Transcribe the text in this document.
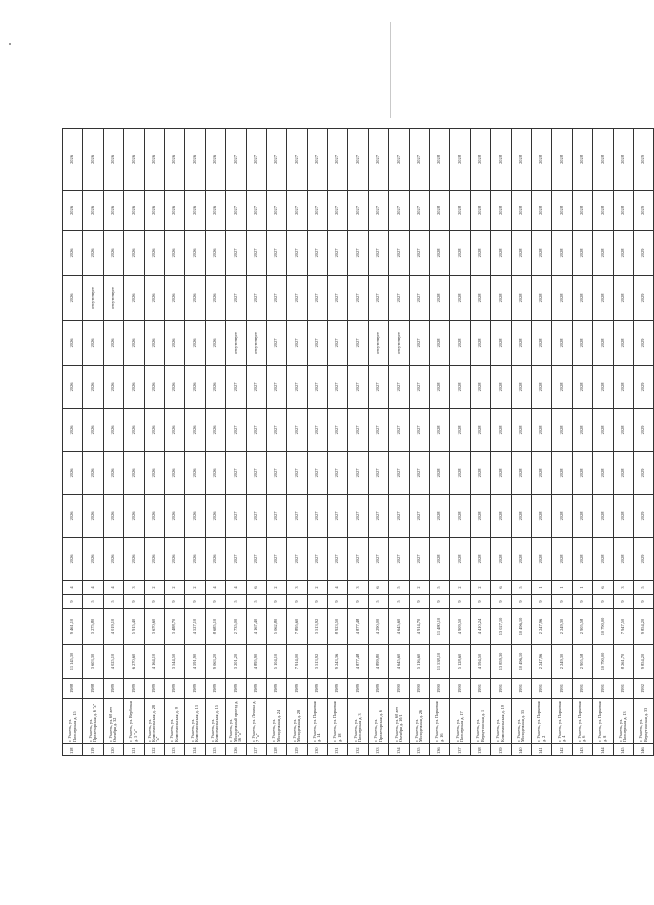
118	г. Ухнеть, ул. Пионерская д. 15	1988	11 145,30	9 461,10	9	4	2026	2026	2026	2026	2026	2026	2026	2026	2026	2026
119	г. Ухнеть, ул. Пролетарская д. 6 "а"	1988	3 603,30	3 275,80	5	4	2026	2026	2026	2026	2026	2026	отсутствует	2026	2026	2026
120	г. Ухнеть, ул. 60 лет Октября д. 32	1989	4 025,10	4 019,10	5	4	2026	2026	2026	2026	2026	2026	отсутствует	2026	2026	2026
121	г. Ухнеть, ул. Вербовая д. 5 "а"	1989	6 270,60	5 915,40	9	3	2026	2026	2026	2026	2026	2026	2026	2026	2026	2026
122	г. Ухнеть, ул. Комсомольская д. 28 "а"	1989	4 164,10	3 670,60	9	2	2026	2026	2026	2026	2026	2026	2026	2026	2026	2026
123	г. Ухнеть, ул. Комсомольская д. 9	1989	3 544,50	3 488,70	9	2	2026	2026	2026	2026	2026	2026	2026	2026	2026	2026
124	г. Ухнеть, ул. Комсомольская д. 13	1989	4 591,90	4 527,10	9	2	2026	2026	2026	2026	2026	2026	2026	2026	2026	2026
125	г. Ухнеть, ул. Комсомольская д. 15	1989	9 063,20	8 685,10	9	4	2026	2026	2026	2026	2026	2026	2026	2026	2026	2026
126	г. Ухнеть, ул. Молодежный проезд д. 16 "а"	1989	3 201,20	2 735,00	5	4	2027	2027	2027	2027	2027	отсутствует	2027	2027	2027	2027
127	г. Ухнеть, ул. Ленина д. 7 "а"	1989	4 895,90	4 167,40	5	6	2027	2027	2027	2027	2027	отсутствует	2027	2027	2027	2027
128	г. Ухнеть, ул. Молодежная д. 24	1989	5 104,10	5 062,80	9	2	2027	2027	2027	2027	2027	2027	2027	2027	2027	2027
129	г. Ухнеть, ул. Молодежная д. 28	1989	7 914,00	7 895,60	9	3	2027	2027	2027	2027	2027	2027	2027	2027	2027	2027
130	г. Ухнеть, ул. Парковая д. 14	1989	3 513,92	3 513,92	9	2	2027	2027	2027	2027	2027	2027	2027	2027	2027	2027
131	г. Ухнеть, ул. Парковая д. 18	1989	9 243,36	8 923,50	9	4	2027	2027	2027	2027	2027	2027	2027	2027	2027	2027
132	г. Ухнеть, ул. Пионерская д. 3	1989	4 877,48	4 877,48	9	3	2027	2027	2027	2027	2027	2027	2027	2027	2027	2027
133	г. Ухнеть, ул. Пролетарская д. 6	1989	4 899,80	4 290,00	5	6	2027	2027	2027	2027	2027	отсутствует	2027	2027	2027	2027
134	г. Ухнеть, ул. 60 лет Октября д. 10/1	1990	4 645,60	4 645,60	5	5	2027	2027	2027	2027	2027	отсутствует	2027	2027	2027	2027
135	г. Ухнеть, ул. Молодежная д. 26	1990	5 116,60	4 914,70	9	2	2027	2027	2027	2027	2027	2027	2027	2027	2027	2027
136	г. Ухнеть, ул. Парковая д. 16	1990	11 538,10	11 480,10	9	5	2028	2028	2028	2028	2028	2028	2028	2028	2028	2028
137	г. Ухнеть, ул. Пионерская д. 17	1990	5 128,60	4 909,50	9	2	2028	2028	2028	2028	2028	2028	2028	2028	2028	2028
138	г. Ухнеть, ул. Верхутинская д. 1	1991	4 594,50	4 410,24	9	2	2028	2028	2028	2028	2028	2028	2028	2028	2028	2028
139	г. Ухнеть, ул. Комсомольская д. 19	1991	13 859,30	13 027,10	9	6	2028	2028	2028	2028	2028	2028	2028	2028	2028	2028
140	г. Ухнеть, ул. Молодежная д. 35	1991	10 496,10	10 496,10	9	5	2028	2028	2028	2028	2028	2028	2028	2028	2028	2028
141	г. Ухнеть, ул. Парковая д. 2	1991	2 247,96	2 247,96	9	1	2028	2028	2028	2028	2028	2028	2028	2028	2028	2028
142	г. Ухнеть, ул. Парковая д. 4	1991	2 249,30	2 249,30	9	1	2028	2028	2028	2028	2028	2028	2028	2028	2028	2028
143	г. Ухнеть, ул. Парковая д. 6	1991	2 905,58	2 905,58	9	1	2028	2028	2028	2028	2028	2028	2028	2028	2028	2028
144	г. Ухнеть, ул. Парковая д. 8	1991	10 790,00	10 790,00	9	6	2028	2028	2028	2028	2028	2028	2028	2028	2028	2028
145	г. Ухнеть, ул. Пионерская д. 13	1991	8 261,70	7 947,50	9	3	2028	2028	2028	2028	2028	2028	2028	2028	2028	2028
146	г. Ухнеть, ул. Верхутинская д. 33	1992	9 854,20	9 854,20	9	5	2029	2029	2029	2029	2029	2029	2029	2029	2029	2029
